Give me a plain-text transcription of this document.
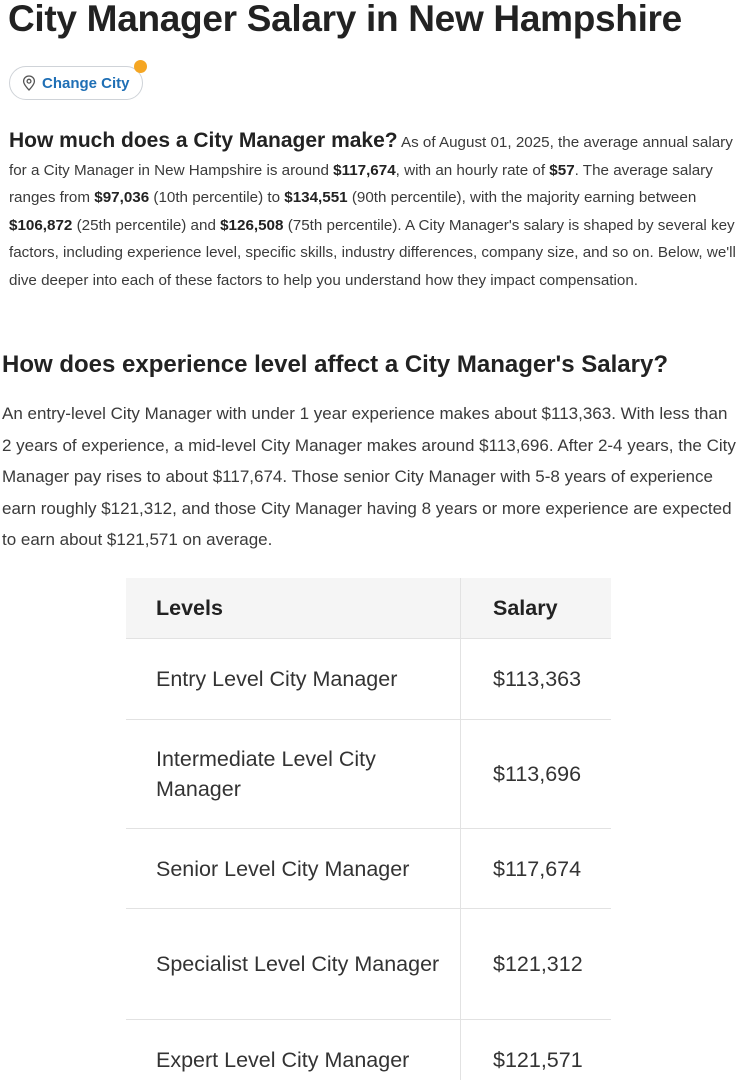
City Manager Salary in New Hampshire
Change City

How much does a City Manager make? As of August 01, 2025, the average annual salary for a City Manager in New Hampshire is around $117,674, with an hourly rate of $57. The average salary ranges from $97,036 (10th percentile) to $134,551 (90th percentile), with the majority earning between $106,872 (25th percentile) and $126,508 (75th percentile). A City Manager's salary is shaped by several key factors, including experience level, specific skills, industry differences, company size, and so on. Below, we'll dive deeper into each of these factors to help you understand how they impact compensation.

How does experience level affect a City Manager's Salary?

An entry-level City Manager with under 1 year experience makes about $113,363. With less than 2 years of experience, a mid-level City Manager makes around $113,696. After 2-4 years, the City Manager pay rises to about $117,674. Those senior City Manager with 5-8 years of experience earn roughly $121,312, and those City Manager having 8 years or more experience are expected to earn about $121,571 on average.

Levels	Salary
Entry Level City Manager	$113,363
Intermediate Level City Manager	$113,696
Senior Level City Manager	$117,674
Specialist Level City Manager	$121,312
Expert Level City Manager	$121,571
